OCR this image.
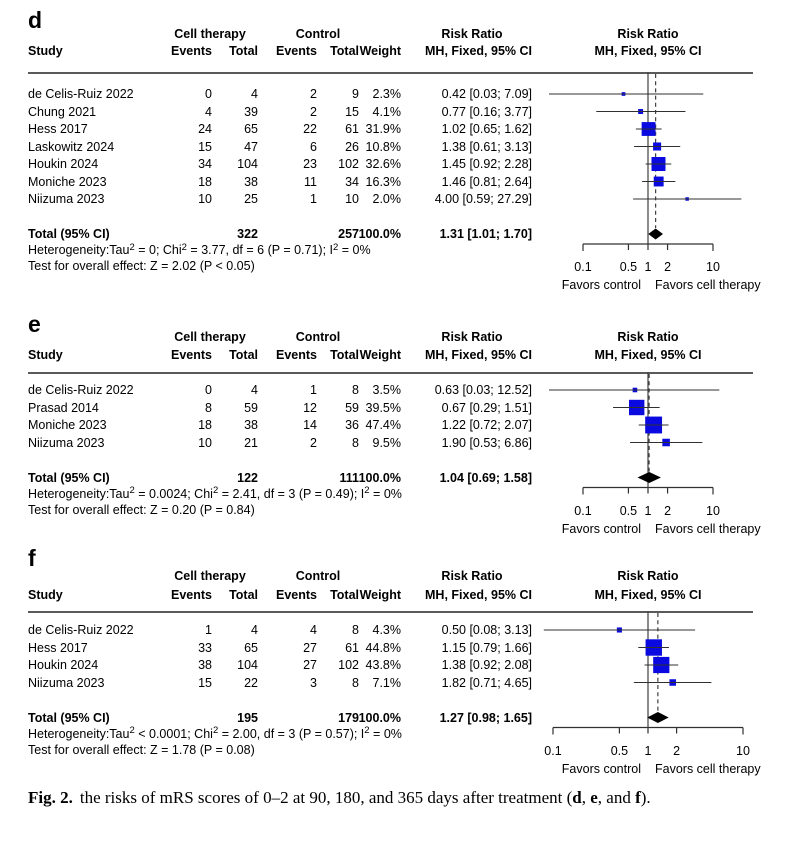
d
Cell therapy	Control	Risk Ratio	Risk Ratio
Study	Events Total Events Total Weight MH, Fixed, 95% CI	MH, Fixed, 95% CI
de Celis-Ruiz 2022	0	4	2	9 2.3%	0.42 [0.03; 7.09]
Chung 2021	4	39	2 15 4.1%	0.77 [0.16; 3.77]
Hess 2017	24	65	22 61 31.9%	1.02 [0.65; 1.62]
Laskowitz 2024	15	47	6 26 10.8%	1.38 [0.61; 3.13]
Houkin 2024	34 104	23 102 32.6%	1.45 [0.92; 2.28]
Moniche 2023	18	38	11 34 16.3%	1.46 [0.81; 2.64]
Niizuma 2023	10	25	1 10 2.0%	4.00 [0.59; 27.29]
Total (95% CI)	322	257 100.0%	1.31 [1.01; 1.70]
Heterogeneity:Tau$^2$ = 0; Chi$^2$ = 3.77, df = 6 (P = 0.71); $I^2 = 0\%$
Test for overall effect: Z = 2.02 (P < 0.05)	0.1 0.5 1 2	10
Favors control Favors cell therapy
e	Cell therapy	Control	Risk Ratio	Risk Ratio
Study	Events Total Events Total Weight MH, Fixed, 95% CI	MH, Fixed, 95% CI
de Celis-Ruiz 2022	0	4	1	8 3.5%	0.63 [0.03; 12.52]
Prasad 2014	8	59	12 59 39.5%	0.67 [0.29; 1.51]
Moniche 2023	18	38	14 36 47.4%	1.22 [0.72; 2.07]
Niizuma 2023	10	21	2	8 9.5%	1.90 [0.53; 6.86]
Total (95% CI)	122	111 100.0%	1.04 [0.69; 1.58]
Heterogeneity:Tau$^2$ = 0.0024; Chi$^2$ = 2.41, df = 3 (P = 0.49); $I^2 = 0\%$
Test for overall effect: Z = 0.20 (P = 0.84)	0.1 0.5 1 2	10
Favors control Favors cell therapy
f
Cell therapy	Control	Risk Ratio	Risk Ratio
Study	Events Total Events Total Weight MH, Fixed, 95% CI	MH, Fixed, 95% CI
de Celis-Ruiz 2022	1	4	4	8 4.3%	0.50 [0.08; 3.13]
Hess 2017	33	65	27 61 44.8%	1.15 [0.79; 1.66]
Houkin 2024	38 104	27 102 43.8%	1.38 [0.92; 2.08]
Niizuma 2023	15	22	3	8 7.1%	1.82 [0.71; 4.65]
Total (95% CI)	195	179 100.0%	1.27 [0.98; 1.65]
Heterogeneity:Tau$^2$ < 0.0001; Chi$^2$ = 2.00, df = 3 (P = 0.57); $I^2 = 0\%$
Test for overall effect: Z = 1.78 (P = 0.08)	0.1	0.5 1 2	10
Favors control Favors cell therapy
Fig. 2. the risks of mRS scores of 0–2 at 90, 180, and 365 days after treatment (d, e, and f).
